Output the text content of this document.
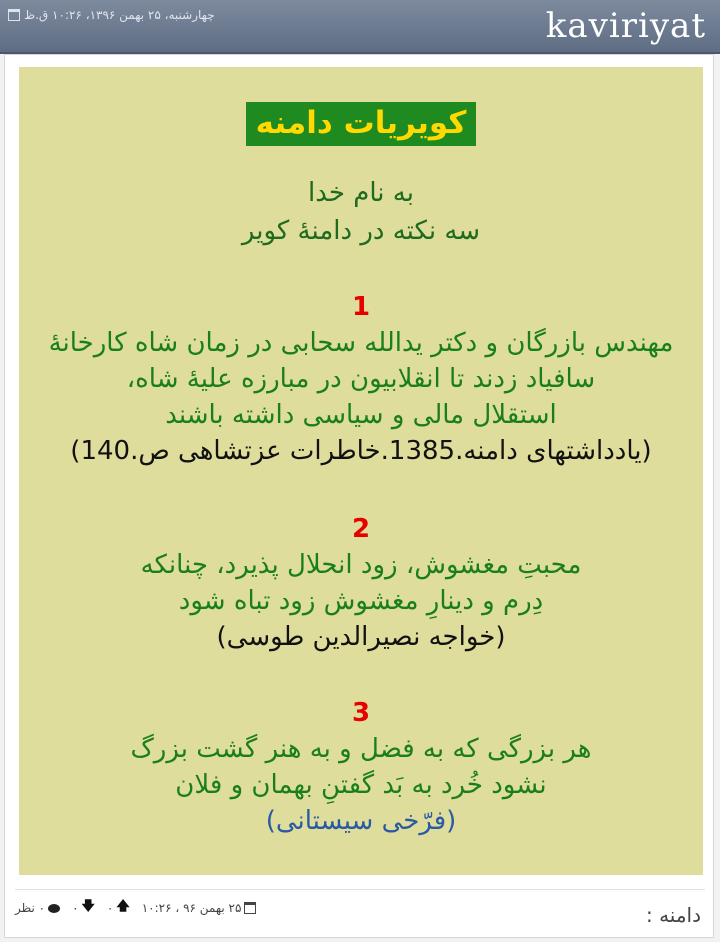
kaviriyat
چهارشنبه، ۲۵ بهمن ۱۳۹۶، ۱۰:۲۶ ق.ظ
کویریات دامنه
به نام خدا
سه نکته در دامنهٔ کویر
1
مهندس بازرگان و دکتر یدالله سحابی در زمان شاه کارخانهٔ
سافیاد زدند تا انقلابیون در مبارزه علیهٔ شاه،
استقلال مالی و سیاسی داشته باشند
(یادداشتهای دامنه.1385.خاطرات عزتشاهی ص.140)
2
محبتِ مغشوش، زود انحلال پذیرد، چنانکه
دِرم و دینارِ مغشوش زود تباه شود
(خواجه نصیرالدین طوسی)
3
هر بزرگی که به فضل و به هنر گشت بزرگ
نشود خُرد به بَد گفتنِ بهمان و فلان
(فرّخی سیستانی)
۲۵ بهمن ۹۶ ، ۱۰:۲۶
🡅
۰
🡇
۰
۰ نظر	دامنه :
